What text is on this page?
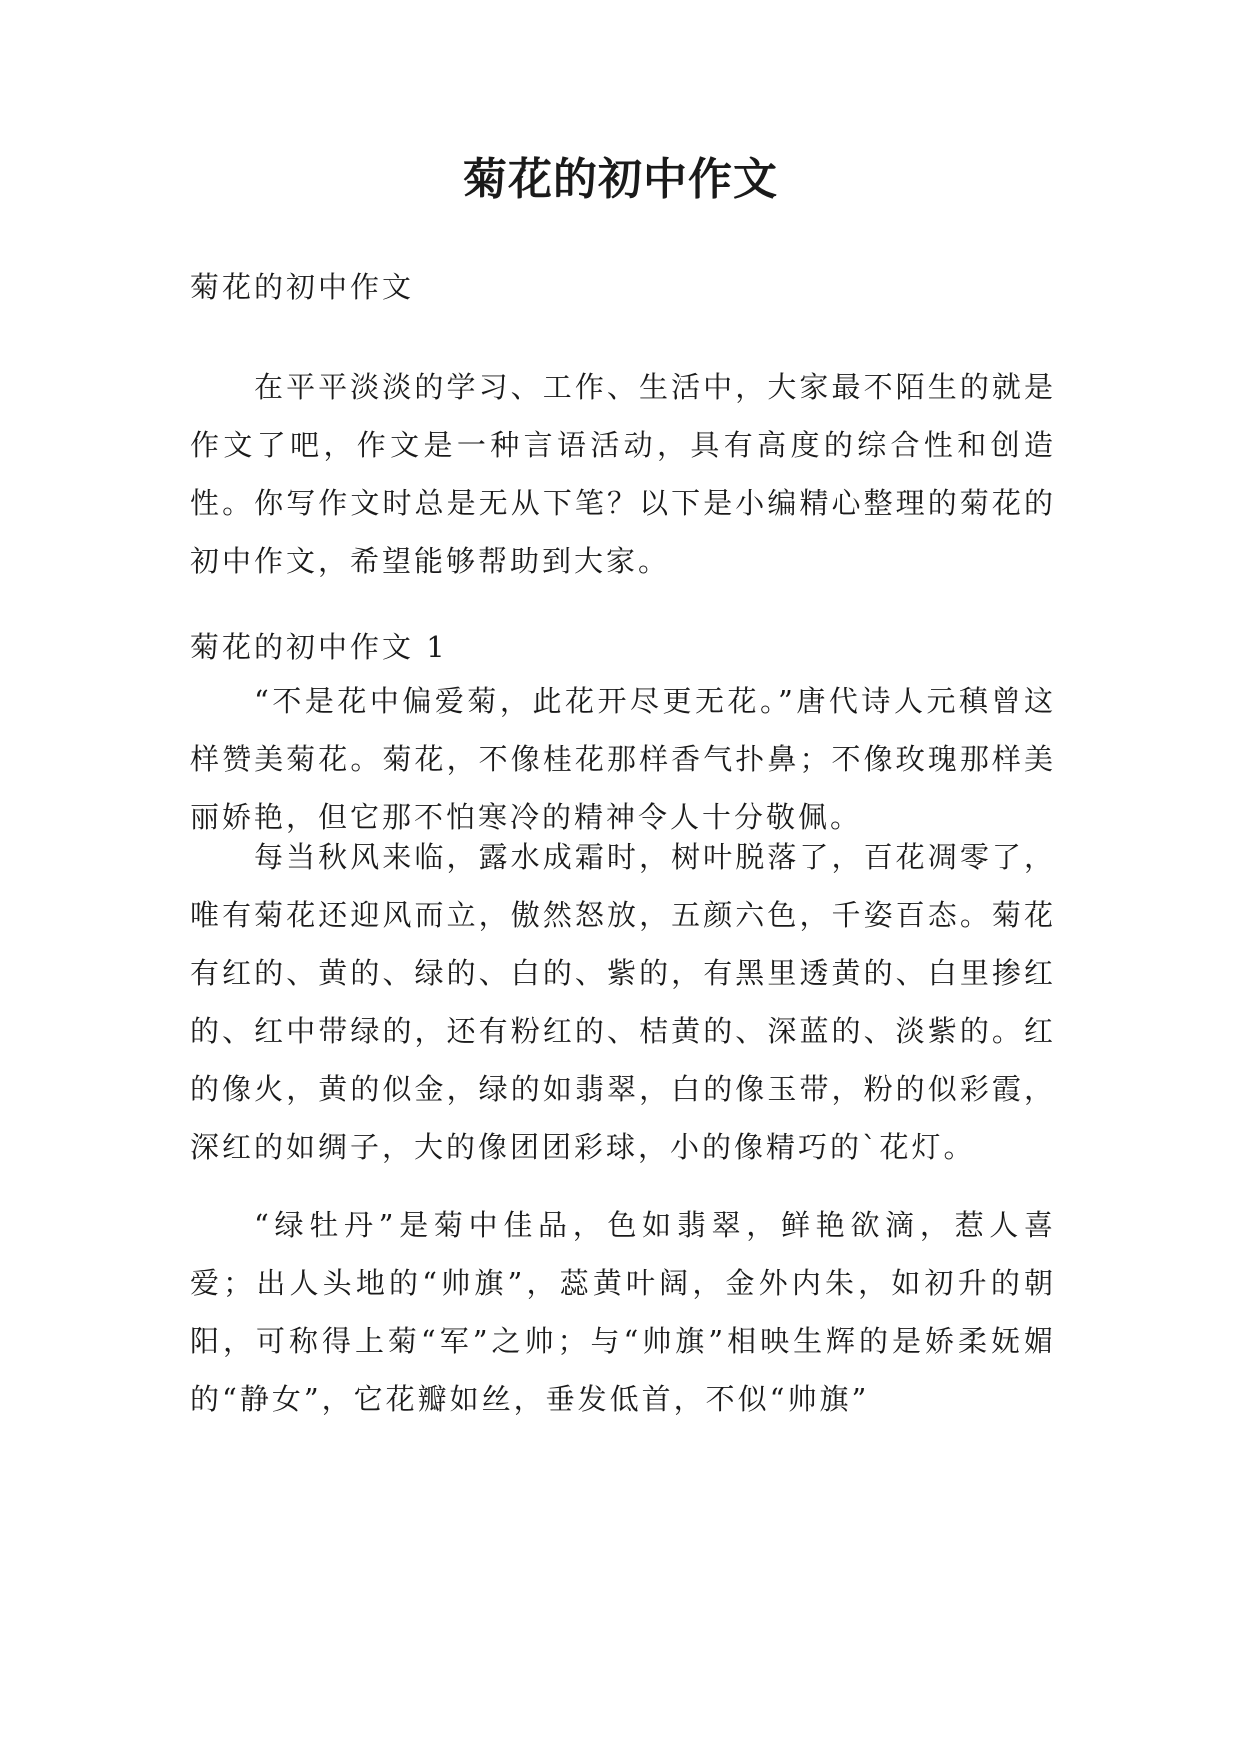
菊花的初中作文

菊花的初中作文

在平平淡淡的学习、工作、生活中，大家最不陌生的就是作文了吧，作文是一种言语活动，具有高度的综合性和创造性。你写作文时总是无从下笔？以下是小编精心整理的菊花的初中作文，希望能够帮助到大家。

菊花的初中作文 1

“不是花中偏爱菊，此花开尽更无花。”唐代诗人元稹曾这样赞美菊花。菊花，不像桂花那样香气扑鼻；不像玫瑰那样美丽娇艳，但它那不怕寒冷的精神令人十分敬佩。

每当秋风来临，露水成霜时，树叶脱落了，百花凋零了，唯有菊花还迎风而立，傲然怒放，五颜六色，千姿百态。菊花有红的、黄的、绿的、白的、紫的，有黑里透黄的、白里掺红的、红中带绿的，还有粉红的、桔黄的、深蓝的、淡紫的。红的像火，黄的似金，绿的如翡翠，白的像玉带，粉的似彩霞，深红的如绸子，大的像团团彩球，小的像精巧的`花灯。

“绿牡丹”是菊中佳品，色如翡翠，鲜艳欲滴，惹人喜爱；出人头地的“帅旗”，蕊黄叶阔，金外内朱，如初升的朝阳，可称得上菊“军”之帅；与“帅旗”相映生辉的是娇柔妩媚的“静女”，它花瓣如丝，垂发低首，不似“帅旗”
